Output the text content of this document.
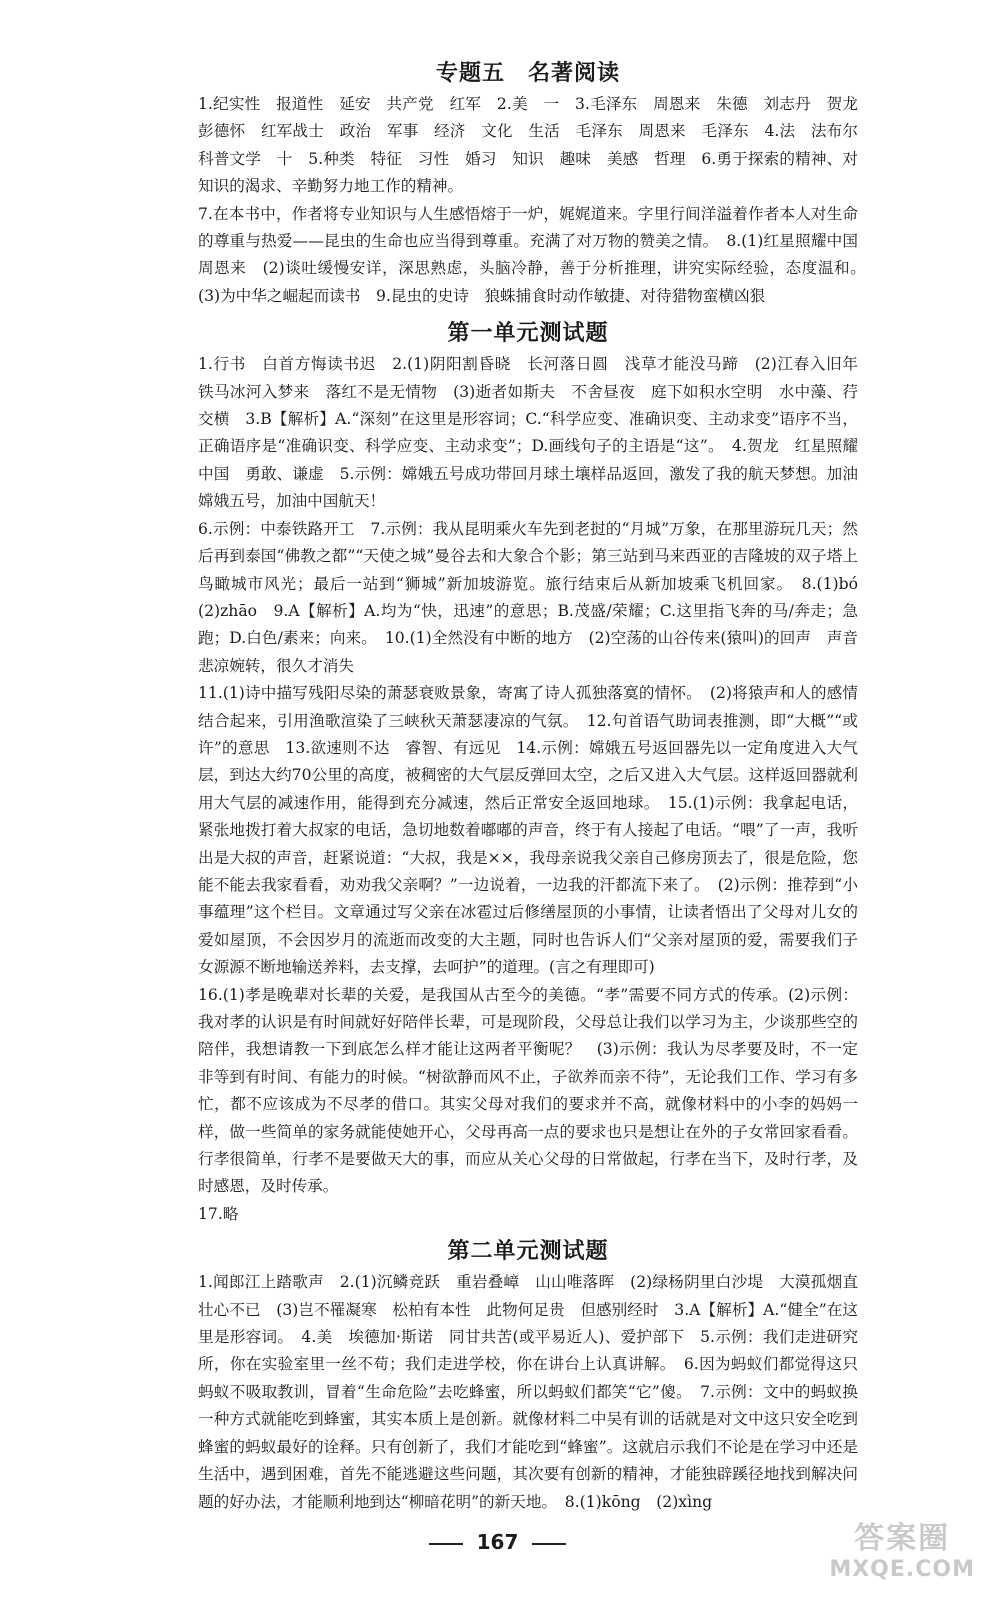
专题五　名著阅读

1.纪实性　报道性　延安　共产党　红军　2.美　一　3.毛泽东　周恩来　朱德　刘志丹　贺龙　彭德怀　红军战士　政治　军事　经济　文化　生活　毛泽东　周恩来　毛泽东　4.法　法布尔　科普文学　十　5.种类　特征　习性　婚习　知识　趣味　美感　哲理　6.勇于探索的精神、对知识的渴求、辛勤努力地工作的精神。

7.在本书中，作者将专业知识与人生感悟熔于一炉，娓娓道来。字里行间洋溢着作者本人对生命的尊重与热爱——昆虫的生命也应当得到尊重。充满了对万物的赞美之情。　8.(1)红星照耀中国　周恩来　(2)谈吐缓慢安详，深思熟虑，头脑冷静，善于分析推理，讲究实际经验，态度温和。　(3)为中华之崛起而读书　9.昆虫的史诗　狼蛛捕食时动作敏捷、对待猎物蛮横凶狠

第一单元测试题

1.行书　白首方悔读书迟　2.(1)阴阳割昏晓　长河落日圆　浅草才能没马蹄　(2)江春入旧年　铁马冰河入梦来　落红不是无情物　(3)逝者如斯夫　不舍昼夜　庭下如积水空明　水中藻、荇交横　3.B【解析】A.“深刻”在这里是形容词；C.“科学应变、准确识变、主动求变”语序不当，正确语序是“准确识变、科学应变、主动求变”；D.画线句子的主语是“这”。　4.贺龙　红星照耀中国　勇敢、谦虚　5.示例：嫦娥五号成功带回月球土壤样品返回，激发了我的航天梦想。加油嫦娥五号，加油中国航天！

6.示例：中泰铁路开工　7.示例：我从昆明乘火车先到老挝的“月城”万象，在那里游玩几天；然后再到泰国“佛教之都”“天使之城”曼谷去和大象合个影；第三站到马来西亚的吉隆坡的双子塔上鸟瞰城市风光；最后一站到“狮城”新加坡游览。旅行结束后从新加坡乘飞机回家。　8.(1)bó　(2)zhāo　9.A【解析】A.均为“快，迅速”的意思；B.茂盛/荣耀；C.这里指飞奔的马/奔走；急跑；D.白色/素来；向来。　10.(1)全然没有中断的地方　(2)空荡的山谷传来(猿叫)的回声　声音悲凉婉转，很久才消失

11.(1)诗中描写残阳尽染的萧瑟衰败景象，寄寓了诗人孤独落寞的情怀。　(2)将猿声和人的感情结合起来，引用渔歌渲染了三峡秋天萧瑟凄凉的气氛。　12.句首语气助词表推测，即“大概”“或许”的意思　13.欲速则不达　睿智、有远见　14.示例：嫦娥五号返回器先以一定角度进入大气层，到达大约70公里的高度，被稠密的大气层反弹回太空，之后又进入大气层。这样返回器就利用大气层的减速作用，能得到充分减速，然后正常安全返回地球。　15.(1)示例：我拿起电话，紧张地拨打着大叔家的电话，急切地数着嘟嘟的声音，终于有人接起了电话。“喂”了一声，我听出是大叔的声音，赶紧说道：“大叔，我是××，我母亲说我父亲自己修房顶去了，很是危险，您能不能去我家看看，劝劝我父亲啊？”一边说着，一边我的汗都流下来了。　(2)示例：推荐到“小事蕴理”这个栏目。文章通过写父亲在冰雹过后修缮屋顶的小事情，让读者悟出了父母对儿女的爱如屋顶，不会因岁月的流逝而改变的大主题，同时也告诉人们“父亲对屋顶的爱，需要我们子女源源不断地输送养料，去支撑，去呵护”的道理。(言之有理即可)

16.(1)孝是晚辈对长辈的关爱，是我国从古至今的美德。“孝”需要不同方式的传承。(2)示例：我对孝的认识是有时间就好好陪伴长辈，可是现阶段，父母总让我们以学习为主，少谈那些空的陪伴，我想请教一下到底怎么样才能让这两者平衡呢？　(3)示例：我认为尽孝要及时，不一定非等到有时间、有能力的时候。“树欲静而风不止，子欲养而亲不待”，无论我们工作、学习有多忙，都不应该成为不尽孝的借口。其实父母对我们的要求并不高，就像材料中的小李的妈妈一样，做一些简单的家务就能使她开心，父母再高一点的要求也只是想让在外的子女常回家看看。行孝很简单，行孝不是要做天大的事，而应从关心父母的日常做起，行孝在当下，及时行孝，及时感恩，及时传承。

17.略

第二单元测试题

1.闻郎江上踏歌声　2.(1)沉鳞竞跃　重岩叠嶂　山山唯落晖　(2)绿杨阴里白沙堤　大漠孤烟直　壮心不已　(3)岂不罹凝寒　松柏有本性　此物何足贵　但感别经时　3.A【解析】A.“健全”在这里是形容词。　4.美　埃德加·斯诺　同甘共苦(或平易近人)、爱护部下　5.示例：我们走进研究所，你在实验室里一丝不苟；我们走进学校，你在讲台上认真讲解。　6.因为蚂蚁们都觉得这只蚂蚁不吸取教训，冒着“生命危险”去吃蜂蜜，所以蚂蚁们都笑“它”傻。　7.示例：文中的蚂蚁换一种方式就能吃到蜂蜜，其实本质上是创新。就像材料二中吴有训的话就是对文中这只安全吃到蜂蜜的蚂蚁最好的诠释。只有创新了，我们才能吃到“蜂蜜”。这就启示我们不论是在学习中还是生活中，遇到困难，首先不能逃避这些问题，其次要有创新的精神，才能独辟蹊径地找到解决问题的好办法，才能顺利地到达“柳暗花明”的新天地。　8.(1)kōng　(2)xìng

167	答案圈
MXQE.COM
